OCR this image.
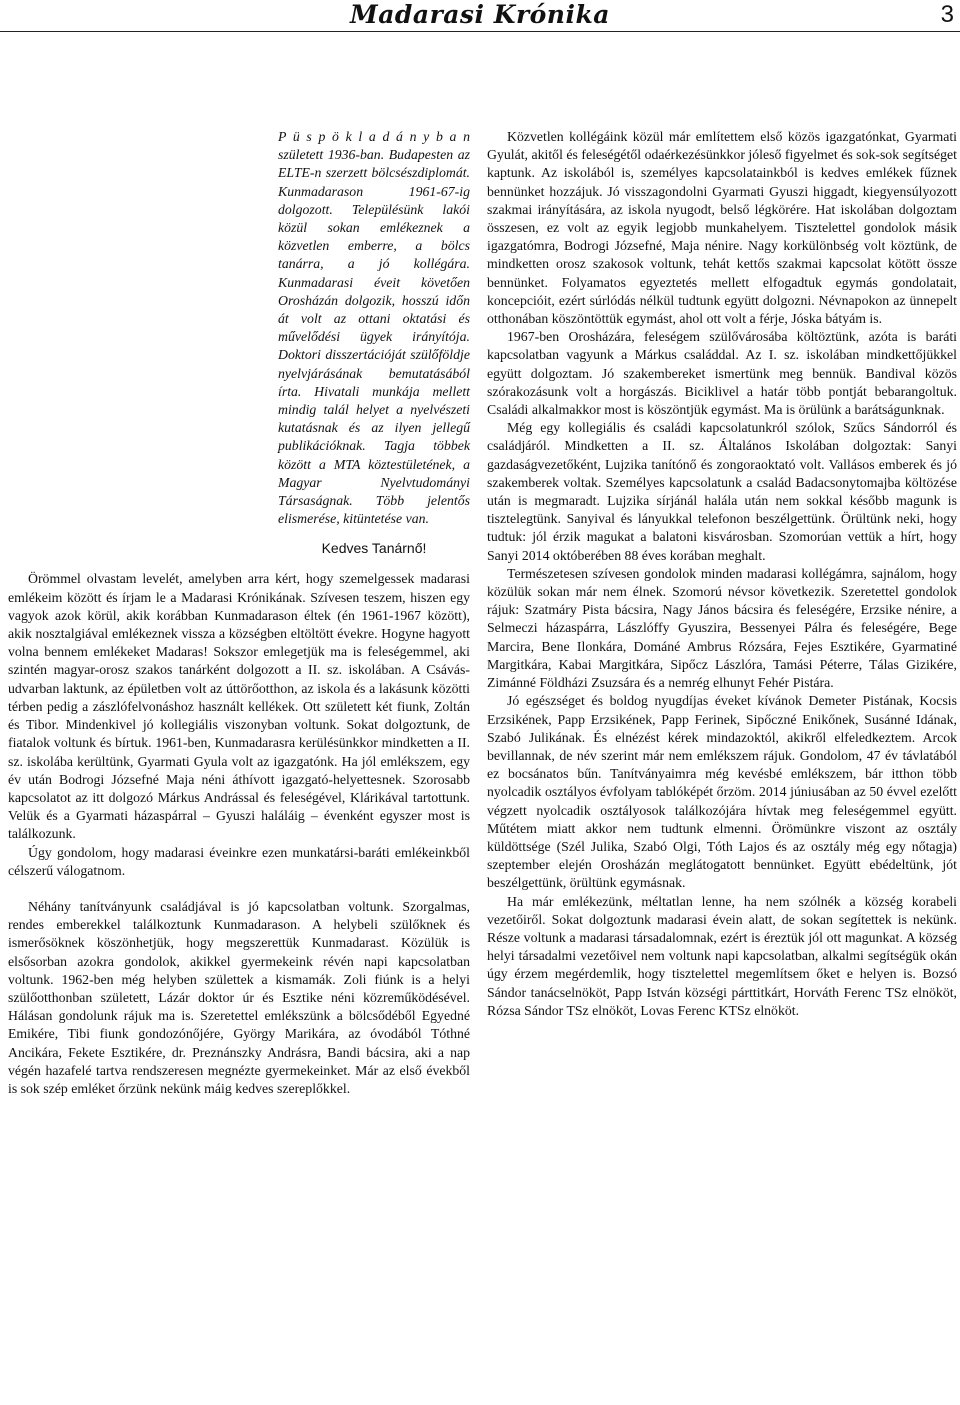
Madarasi Krónika	3

P ü s p ö k l a d á n y b a n született 1936-ban. Budapesten az ELTE-n szerzett bölcsészdiplomát. Kunmadarason 1961-67-ig dolgozott. Településünk lakói közül sokan emlékeznek a közvetlen emberre, a bölcs tanárra, a jó kollégára. Kunmadarasi éveit követően Orosházán dolgozik, hosszú időn át volt az ottani oktatási és művelődési ügyek irányítója. Doktori disszertációját szülőföldje nyelvjárásának bemutatásából írta. Hivatali munkája mellett mindig talál helyet a nyelvészeti kutatásnak és az ilyen jellegű publikációknak. Tagja többek között a MTA köztestületének, a Magyar Nyelvtudományi Társaságnak. Több jelentős elismerése, kitüntetése van.

Kedves Tanárnő!

Örömmel olvastam levelét, amelyben arra kért, hogy szemelgessek madarasi emlékeim között és írjam le a Madarasi Krónikának. Szívesen teszem, hiszen egy vagyok azok körül, akik korábban Kunmadarason éltek (én 1961-1967 között), akik nosztalgiával emlékeznek vissza a községben eltöltött évekre. Hogyne hagyott volna bennem emlékeket Madaras! Sokszor emlegetjük ma is feleségemmel, aki szintén magyar-orosz szakos tanárként dolgozott a II. sz. iskolában. A Csávás-udvarban laktunk, az épületben volt az úttörőotthon, az iskola és a lakásunk közötti térben pedig a zászlófelvonáshoz használt kellékek. Ott született két fiunk, Zoltán és Tibor. Mindenkivel jó kollegiális viszonyban voltunk. Sokat dolgoztunk, de fiatalok voltunk és bírtuk. 1961-ben, Kunmadarasra kerülésünkkor mindketten a II. sz. iskolába kerültünk, Gyarmati Gyula volt az igazgatónk. Ha jól emlékszem, egy év után Bodrogi Józsefné Maja néni áthívott igazgató-helyettesnek. Szorosabb kapcsolatot az itt dolgozó Márkus Andrással és feleségével, Klárikával tartottunk. Velük és a Gyarmati házaspárral – Gyuszi haláláig – évenként egyszer most is találkozunk.

Úgy gondolom, hogy madarasi éveinkre ezen munkatársi-baráti emlékeinkből célszerű válogatnom.

Néhány tanítványunk családjával is jó kapcsolatban voltunk. Szorgalmas, rendes emberekkel találkoztunk Kunmadarason. A helybeli szülőknek és ismerősöknek köszönhetjük, hogy megszerettük Kunmadarast. Közülük is elsősorban azokra gondolok, akikkel gyermekeink révén napi kapcsolatban voltunk. 1962-ben még helyben születtek a kismamák. Zoli fiúnk is a helyi szülőotthonban született, Lázár doktor úr és Esztike néni közreműködésével. Hálásan gondolunk rájuk ma is. Szeretettel emlékszünk a bölcsődéből Egyedné Emikére, Tibi fiunk gondozónőjére, György Marikára, az óvodából Tóthné Ancikára, Fekete Esztikére, dr. Preznánszky Andrásra, Bandi bácsira, aki a nap végén hazafelé tartva rendszeresen megnézte gyermekeinket. Már az első évekből is sok szép emléket őrzünk nekünk máig kedves szereplőkkel.

Közvetlen kollégáink közül már említettem első közös igazgatónkat, Gyarmati Gyulát, akitől és feleségétől odaérkezésünkkor jóleső figyelmet és sok-sok segítséget kaptunk. Az iskolából is, személyes kapcsolatainkból is kedves emlékek fűznek bennünket hozzájuk. Jó visszagondolni Gyarmati Gyuszi higgadt, kiegyensúlyozott szakmai irányítására, az iskola nyugodt, belső légkörére. Hat iskolában dolgoztam összesen, ez volt az egyik legjobb munkahelyem. Tisztelettel gondolok másik igazgatómra, Bodrogi Józsefné, Maja nénire. Nagy korkülönbség volt köztünk, de mindketten orosz szakosok voltunk, tehát kettős szakmai kapcsolat kötött össze bennünket. Folyamatos egyeztetés mellett elfogadtuk egymás gondolatait, koncepcióit, ezért súrlódás nélkül tudtunk együtt dolgozni. Névnapokon az ünnepelt otthonában köszöntöttük egymást, ahol ott volt a férje, Jóska bátyám is.

1967-ben Orosházára, feleségem szülővárosába költöztünk, azóta is baráti kapcsolatban vagyunk a Márkus családdal. Az I. sz. iskolában mindkettőjükkel együtt dolgoztam. Jó szakembereket ismertünk meg bennük. Bandival közös szórakozásunk volt a horgászás. Biciklivel a határ több pontját bebarangoltuk. Családi alkalmakkor most is köszöntjük egymást. Ma is örülünk a barátságunknak.

Még egy kollegiális és családi kapcsolatunkról szólok, Szűcs Sándorról és családjáról. Mindketten a II. sz. Általános Iskolában dolgoztak: Sanyi gazdaságvezetőként, Lujzika tanítónő és zongoraoktató volt. Vallásos emberek és jó szakemberek voltak. Személyes kapcsolatunk a család Badacsonytomajba költözése után is megmaradt. Lujzika sírjánál halála után nem sokkal később magunk is tisztelegtünk. Sanyival és lányukkal telefonon beszélgettünk. Örültünk neki, hogy tudtuk: jól érzik magukat a balatoni kisvárosban. Szomorúan vettük a hírt, hogy Sanyi 2014 októberében 88 éves korában meghalt.

Természetesen szívesen gondolok minden madarasi kollégámra, sajnálom, hogy közülük sokan már nem élnek. Szomorú névsor következik. Szeretettel gondolok rájuk: Szatmáry Pista bácsira, Nagy János bácsira és feleségére, Erzsike nénire, a Selmeczi házaspárra, Lászlóffy Gyuszira, Bessenyei Pálra és feleségére, Bege Marcira, Bene Ilonkára, Dománé Ambrus Rózsára, Fejes Esztikére, Gyarmatiné Margitkára, Kabai Margitkára, Sipőcz Lászlóra, Tamási Péterre, Tálas Gizikére, Zimánné Földházi Zsuzsára és a nemrég elhunyt Fehér Pistára.

Jó egészséget és boldog nyugdíjas éveket kívánok Demeter Pistának, Kocsis Erzsikének, Papp Erzsikének, Papp Ferinek, Sipőczné Enikőnek, Susánné Idának, Szabó Julikának. És elnézést kérek mindazoktól, akikről elfeledkeztem. Arcok bevillannak, de név szerint már nem emlékszem rájuk. Gondolom, 47 év távlatából ez bocsánatos bűn. Tanítványaimra még kevésbé emlékszem, bár itthon több nyolcadik osztályos évfolyam tablóképét őrzöm. 2014 júniusában az 50 évvel ezelőtt végzett nyolcadik osztályosok találkozójára hívtak meg feleségemmel együtt. Műtétem miatt akkor nem tudtunk elmenni. Örömünkre viszont az osztály küldöttsége (Szél Julika, Szabó Olgi, Tóth Lajos és az osztály még egy nőtagja) szeptember elején Orosházán meglátogatott bennünket. Együtt ebédeltünk, jót beszélgettünk, örültünk egymásnak.

Ha már emlékezünk, méltatlan lenne, ha nem szólnék a község korabeli vezetőiről. Sokat dolgoztunk madarasi évein alatt, de sokan segítettek is nekünk. Része voltunk a madarasi társadalomnak, ezért is éreztük jól ott magunkat. A község helyi társadalmi vezetőivel nem voltunk napi kapcsolatban, alkalmi segítségük okán úgy érzem megérdemlik, hogy tisztelettel megemlítsem őket e helyen is. Bozsó Sándor tanácselnököt, Papp István községi párttitkárt, Horváth Ferenc TSz elnököt, Rózsa Sándor TSz elnököt, Lovas Ferenc KTSz elnököt.
